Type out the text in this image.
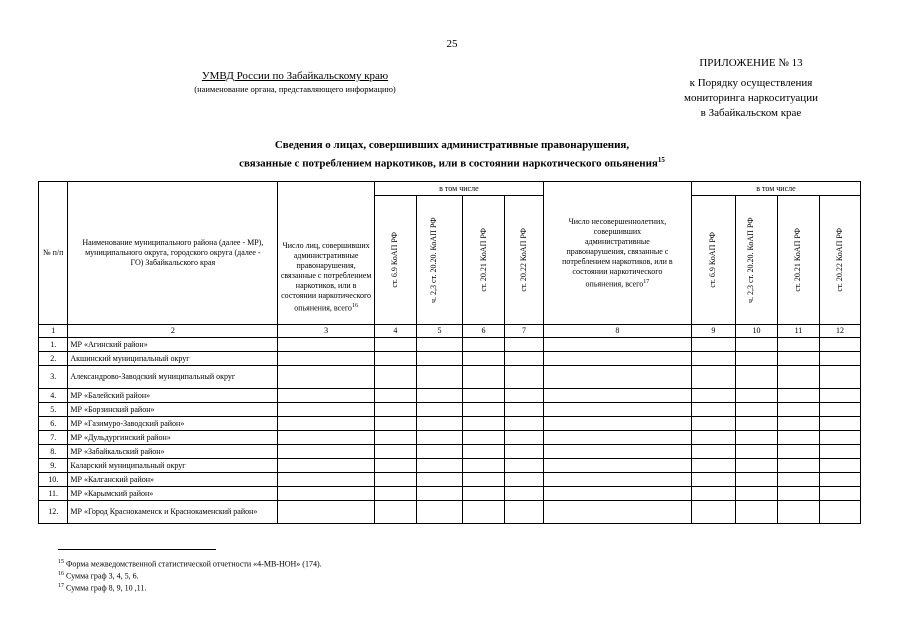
25
ПРИЛОЖЕНИЕ № 13
к Порядку осуществления
мониторинга наркоситуации
в Забайкальском крае
УМВД России по Забайкальскому краю
(наименование органа, представляющего информацию)
Сведения о лицах, совершивших административные правонарушения,
связанные с потреблением наркотиков, или в состоянии наркотического опьянения$^{15}$
№ п/п	Наименование муниципального района (далее - МР), муниципального округа, городского округа (далее - ГО) Забайкальского края	Число лиц, совершивших административные правонарушения, связанные с потреблением наркотиков, или в состоянии наркотического опьянения, всего$^{16}$	в том числе				Число несовершеннолетних, совершивших административные правонарушения, связанные с потреблением наркотиков, или в состоянии наркотического опьянения, всего$^{17}$	в том числе			

			ст. 6.9 КоАП РФ	ч. 2,3 ст. 20.20. КоАП РФ	ст. 20.21 КоАП РФ	ст. 20.22 КоАП РФ		ст. 6.9 КоАП РФ	ч. 2,3 ст. 20.20. КоАП РФ	ст. 20.21 КоАП РФ	ст. 20.22 КоАП РФ

1	2	3	4	5	6	7	8	9	10	11	12
1.	МР «Агинский район»										
2.	Акшинский муниципальный округ										
3.	Александрово-Заводский муниципальный округ										
4.	МР «Балейский район»										
5.	МР «Борзинский район»										
6.	МР «Газимуро-Заводский район»										
7.	МР «Дульдургинский район»										
8.	МР «Забайкальский район»										
9.	Каларский муниципальный округ										
10.	МР «Калганский район»										
11.	МР «Карымский район»										
12.	МР «Город Краснокаменск и Краснокаменский район»										
$^{15}$ Форма межведомственной статистической отчетности «4-МВ-НОН» (174).
$^{16}$ Сумма граф 3, 4, 5, 6.
$^{17}$ Сумма граф 8, 9, 10 ,11.
